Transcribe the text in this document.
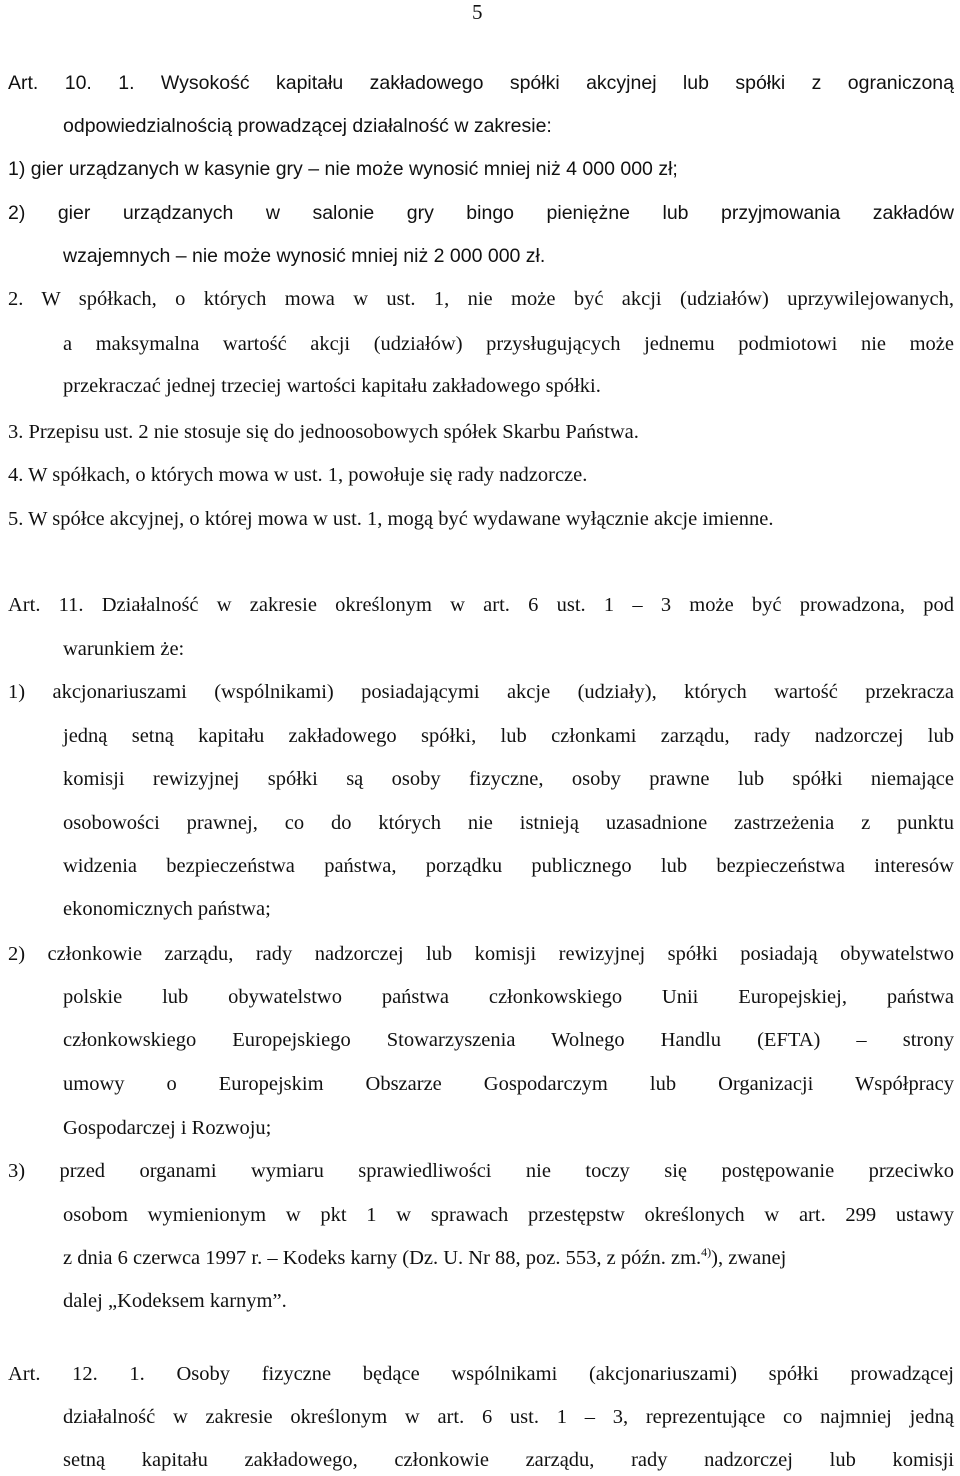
5
Art. 10. 1. Wysokość kapitału zakładowego spółki akcyjnej lub spółki z ograniczoną
odpowiedzialnością prowadzącej działalność w zakresie:
1) gier urządzanych w kasynie gry – nie może wynosić mniej niż 4 000 000 zł;
2) gier urządzanych w salonie gry bingo pieniężne lub przyjmowania zakładów
wzajemnych – nie może wynosić mniej niż 2 000 000 zł.
2. W spółkach, o których mowa w ust. 1, nie może być akcji (udziałów) uprzywilejowanych,
a maksymalna wartość akcji (udziałów) przysługujących jednemu podmiotowi nie może
przekraczać jednej trzeciej wartości kapitału zakładowego spółki.
3. Przepisu ust. 2 nie stosuje się do jednoosobowych spółek Skarbu Państwa.
4. W spółkach, o których mowa w ust. 1, powołuje się rady nadzorcze.
5. W spółce akcyjnej, o której mowa w ust. 1, mogą być wydawane wyłącznie akcje imienne.
Art. 11. Działalność w zakresie określonym w art. 6 ust. 1 – 3 może być prowadzona, pod
warunkiem że:
1) akcjonariuszami (wspólnikami) posiadającymi akcje (udziały), których wartość przekracza
jedną setną kapitału zakładowego spółki, lub członkami zarządu, rady nadzorczej lub
komisji rewizyjnej spółki są osoby fizyczne, osoby prawne lub spółki niemające
osobowości prawnej, co do których nie istnieją uzasadnione zastrzeżenia z punktu
widzenia bezpieczeństwa państwa, porządku publicznego lub bezpieczeństwa interesów
ekonomicznych państwa;
2) członkowie zarządu, rady nadzorczej lub komisji rewizyjnej spółki posiadają obywatelstwo
polskie lub obywatelstwo państwa członkowskiego Unii Europejskiej, państwa
członkowskiego Europejskiego Stowarzyszenia Wolnego Handlu (EFTA) – strony
umowy o Europejskim Obszarze Gospodarczym lub Organizacji Współpracy
Gospodarczej i Rozwoju;
3) przed organami wymiaru sprawiedliwości nie toczy się postępowanie przeciwko
osobom wymienionym w pkt 1 w sprawach przestępstw określonych w art. 299 ustawy
z dnia 6 czerwca 1997 r. – Kodeks karny (Dz. U. Nr 88, poz. 553, z późn. zm.$^{4)}$), zwanej
dalej „Kodeksem karnym”.
Art. 12. 1. Osoby fizyczne będące wspólnikami (akcjonariuszami) spółki prowadzącej
działalność w zakresie określonym w art. 6 ust. 1 – 3, reprezentujące co najmniej jedną
setną kapitału zakładowego, członkowie zarządu, rady nadzorczej lub komisji
